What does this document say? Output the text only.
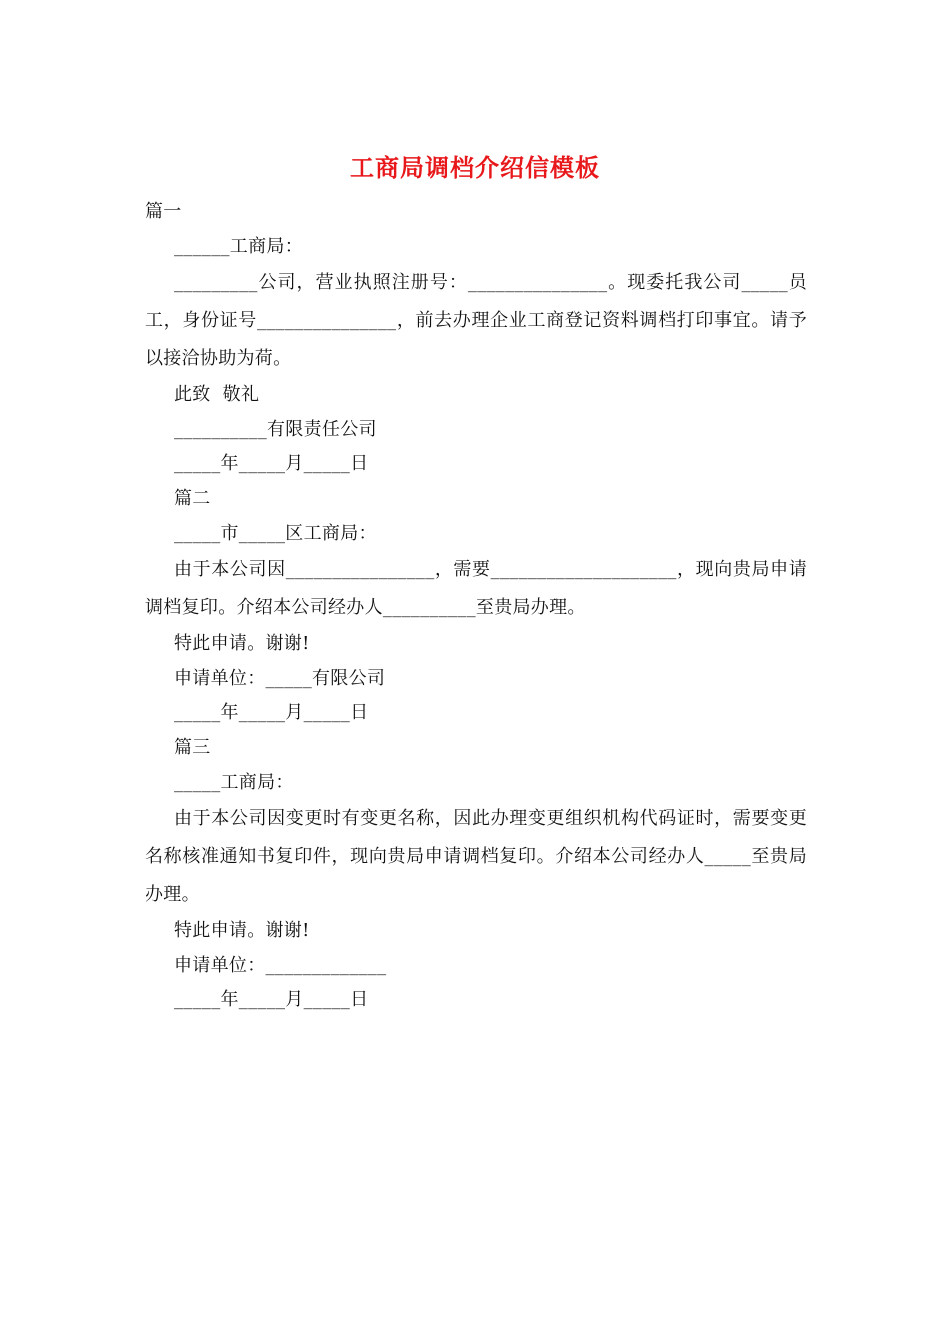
工商局调档介绍信模板

篇一

______工商局：

_________公司，营业执照注册号：_______________。现委托我公司_____员工，身份证号_______________，前去办理企业工商登记资料调档打印事宜。请予以接洽协助为荷。

此致  敬礼

__________有限责任公司

_____年_____月_____日

篇二

_____市_____区工商局：

由于本公司因________________，需要____________________，现向贵局申请调档复印。介绍本公司经办人__________至贵局办理。

特此申请。谢谢!

申请单位：_____有限公司

_____年_____月_____日

篇三

_____工商局：

由于本公司因变更时有变更名称，因此办理变更组织机构代码证时，需要变更名称核准通知书复印件，现向贵局申请调档复印。介绍本公司经办人_____至贵局办理。

特此申请。谢谢!

申请单位：_____________

_____年_____月_____日
